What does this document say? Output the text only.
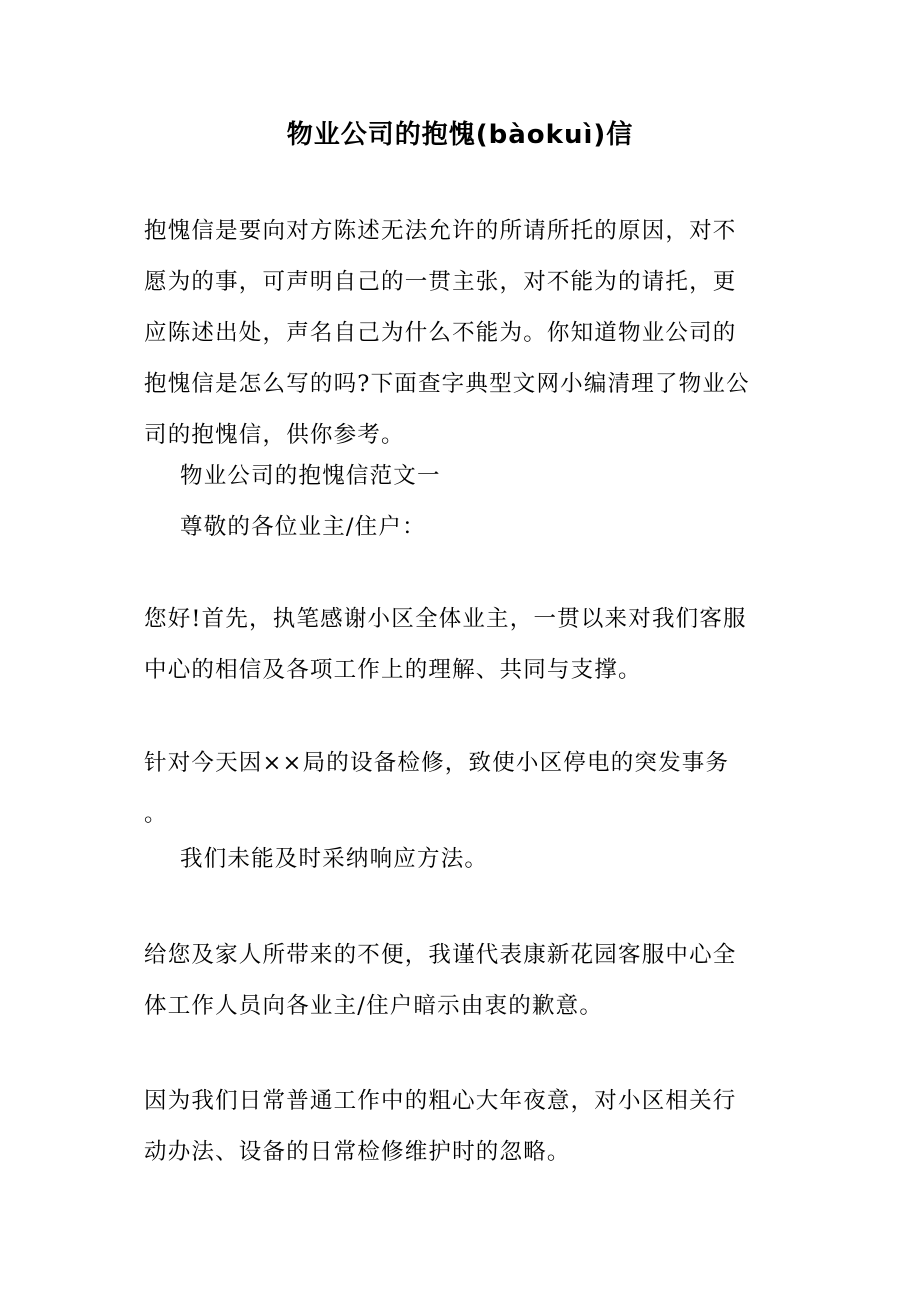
物业公司的抱愧(bàokuì)信
抱愧信是要向对方陈述无法允许的所请所托的原因，对不
愿为的事，可声明自己的一贯主张，对不能为的请托，更
应陈述出处，声名自己为什么不能为。你知道物业公司的
抱愧信是怎么写的吗?下面查字典型文网小编清理了物业公
司的抱愧信，供你参考。
物业公司的抱愧信范文一
尊敬的各位业主/住户：
您好!首先，执笔感谢小区全体业主，一贯以来对我们客服
中心的相信及各项工作上的理解、共同与支撑。
针对今天因××局的设备检修，致使小区停电的突发事务
。
我们未能及时采纳响应方法。
给您及家人所带来的不便，我谨代表康新花园客服中心全
体工作人员向各业主/住户暗示由衷的歉意。
因为我们日常普通工作中的粗心大年夜意，对小区相关行
动办法、设备的日常检修维护时的忽略。
